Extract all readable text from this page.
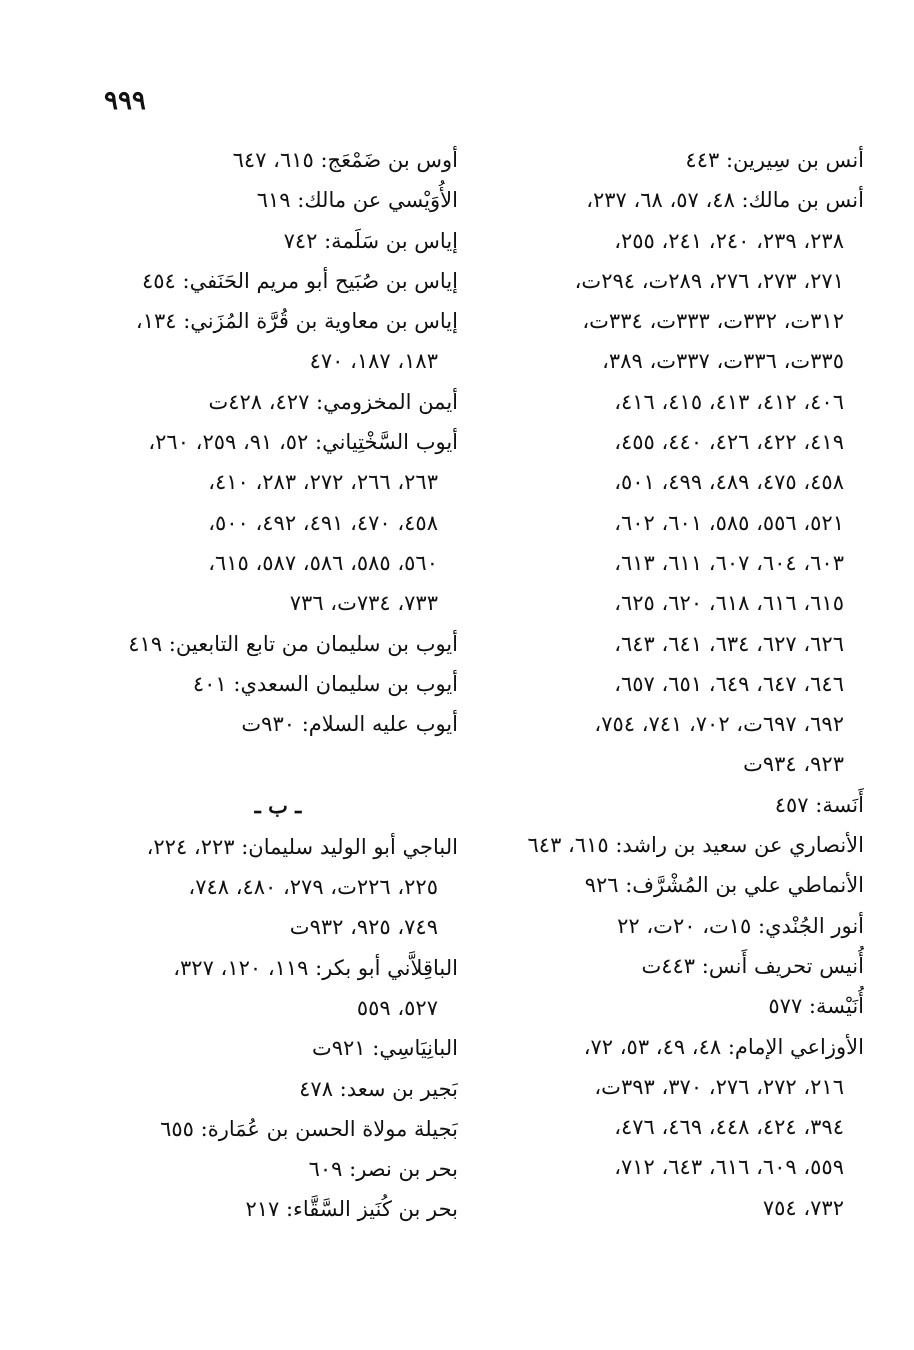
٩٩٩
أنس بن سِيرين: ٤٤٣
أنس بن مالك: ٤٨، ٥٧، ٦٨، ٢٣٧،
٢٣٨، ٢٣٩، ٢٤٠، ٢٤١، ٢٥٥،
٢٧١، ٢٧٣، ٢٧٦، ٢٨٩ت، ٢٩٤ت،
٣١٢ت، ٣٣٢ت، ٣٣٣ت، ٣٣٤ت،
٣٣٥ت، ٣٣٦ت، ٣٣٧ت، ٣٨٩،
٤٠٦، ٤١٢، ٤١٣، ٤١٥، ٤١٦،
٤١٩، ٤٢٢، ٤٢٦، ٤٤٠، ٤٥٥،
٤٥٨، ٤٧٥، ٤٨٩، ٤٩٩، ٥٠١،
٥٢١، ٥٥٦، ٥٨٥، ٦٠١، ٦٠٢،
٦٠٣، ٦٠٤، ٦٠٧، ٦١١، ٦١٣،
٦١٥، ٦١٦، ٦١٨، ٦٢٠، ٦٢٥،
٦٢٦، ٦٢٧، ٦٣٤، ٦٤١، ٦٤٣،
٦٤٦، ٦٤٧، ٦٤٩، ٦٥١، ٦٥٧،
٦٩٢، ٦٩٧ت، ٧٠٢، ٧٤١، ٧٥٤،
٩٢٣، ٩٣٤ت
أَنَسة: ٤٥٧
الأنصاري عن سعيد بن راشد: ٦١٥، ٦٤٣
الأنماطي علي بن المُشْرَّف: ٩٢٦
أنور الجُنْدي: ١٥ت، ٢٠ت، ٢٢
أُنيس تحريف أَنس: ٤٤٣ت
أُنَيْسة: ٥٧٧
الأوزاعي الإمام: ٤٨، ٤٩، ٥٣، ٧٢،
٢١٦، ٢٧٢، ٢٧٦، ٣٧٠، ٣٩٣ت،
٣٩٤، ٤٢٤، ٤٤٨، ٤٦٩، ٤٧٦،
٥٥٩، ٦٠٩، ٦١٦، ٦٤٣، ٧١٢،
٧٣٢، ٧٥٤
أوس بن ضَمْعَج: ٦١٥، ٦٤٧
الأُوَيْسي عن مالك: ٦١٩
إياس بن سَلَمة: ٧٤٢
إياس بن صُبَيح أبو مريم الحَنَفي: ٤٥٤
إياس بن معاوية بن قُرَّة المُزَني: ١٣٤،
١٨٣، ١٨٧، ٤٧٠
أيمن المخزومي: ٤٢٧، ٤٢٨ت
أيوب السَّخْتِياني: ٥٢، ٩١، ٢٥٩، ٢٦٠،
٢٦٣، ٢٦٦، ٢٧٢، ٢٨٣، ٤١٠،
٤٥٨، ٤٧٠، ٤٩١، ٤٩٢، ٥٠٠،
٥٦٠، ٥٨٥، ٥٨٦، ٥٨٧، ٦١٥،
٧٣٣، ٧٣٤ت، ٧٣٦
أيوب بن سليمان من تابع التابعين: ٤١٩
أيوب بن سليمان السعدي: ٤٠١
أيوب عليه السلام: ٩٣٠ت
ـ ب ـ
الباجي أبو الوليد سليمان: ٢٢٣، ٢٢٤،
٢٢٥، ٢٢٦ت، ٢٧٩، ٤٨٠، ٧٤٨،
٧٤٩، ٩٢٥، ٩٣٢ت
الباقِلاَّني أبو بكر: ١١٩، ١٢٠، ٣٢٧،
٥٢٧، ٥٥٩
البانِيَاسِي: ٩٢١ت
بَجير بن سعد: ٤٧٨
بَجيلة مولاة الحسن بن عُمَارة: ٦٥٥
بحر بن نصر: ٦٠٩
بحر بن كُنَيز السَّقَّاء: ٢١٧
